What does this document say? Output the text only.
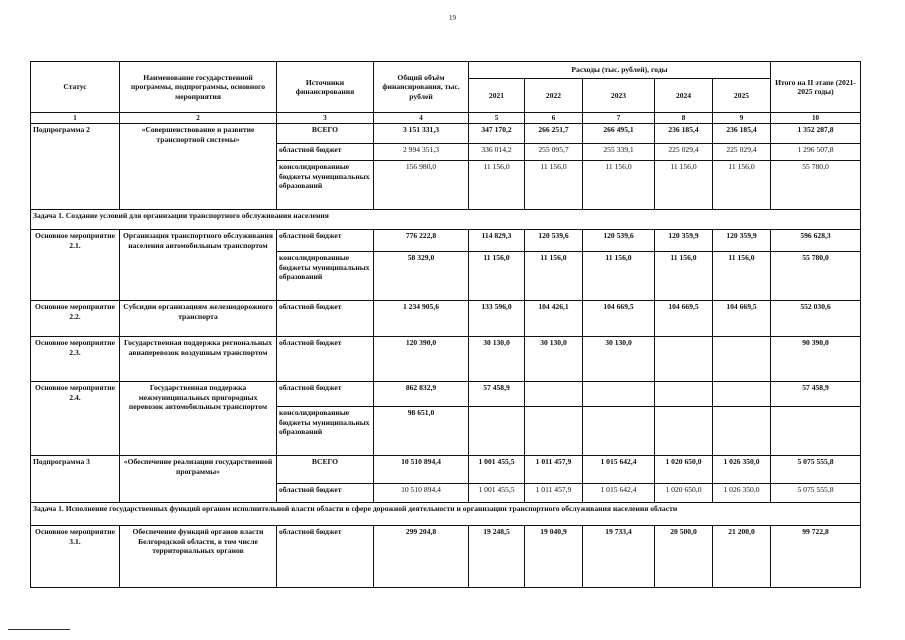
19
Статус	Наименование государственной программы, подпрограммы, основного мероприятия	Источники финансирования	Общий объём финансирования, тыс. рублей	Расходы (тыс. рублей), годы					Итого на II этапе (2021-2025 годы)
				2021	2022	2023	2024	2025	
1	2	3	4	5	6	7	8	9	10
Подпрограмма 2	«Совершенствование и развитие транспортной системы»	ВСЕГО	3 151 331,3	347 170,2	266 251,7	266 495,1	236 185,4	236 185,4	1 352 287,8
		областной бюджет	2 994 351,3	336 014,2	255 095,7	255 339,1	225 029,4	225 029,4	1 296 507,8
		консолидированные бюджеты муниципальных образований	156 980,0	11 156,0	11 156,0	11 156,0	11 156,0	11 156,0	55 780,0
Задача 1. Создание условий для организации транспортного обслуживания населения									
Основное мероприятие 2.1.	Организация транспортного обслуживания населения автомобильным транспортом	областной бюджет	776 222,8	114 829,3	120 539,6	120 539,6	120 359,9	120 359,9	596 628,3
		консолидированные бюджеты муниципальных образований	58 329,0	11 156,0	11 156,0	11 156,0	11 156,0	11 156,0	55 780,0
Основное мероприятие 2.2.	Субсидии организациям железнодорожного транспорта	областной бюджет	1 234 905,6	133 596,0	104 426,1	104 669,5	104 669,5	104 669,5	552 030,6
Основное мероприятие 2.3.	Государственная поддержка региональных авиаперевозок воздушным транспортом	областной бюджет	120 390,0	30 130,0	30 130,0	30 130,0			90 390,0
Основное мероприятие 2.4.	Государственная поддержка межмуниципальных пригородных перевозок автомобильным транспортом	областной бюджет	862 832,9	57 458,9					57 458,9
		консолидированные бюджеты муниципальных образований	98 651,0						
Подпрограмма 3	«Обеспечение реализации государственной программы»	ВСЕГО	10 510 894,4	1 001 455,5	1 011 457,9	1 015 642,4	1 020 650,0	1 026 350,0	5 075 555,8
		областной бюджет	10 510 894,4	1 001 455,5	1 011 457,9	1 015 642,4	1 020 650,0	1 026 350,0	5 075 555,8
Задача 1. Исполнение государственных функций органом исполнительной власти области в сфере дорожной деятельности и организации транспортного обслуживания населения области									
Основное мероприятие 3.1.	Обеспечение функций органов власти Белгородской области, в том числе территориальных органов	областной бюджет	299 204,8	19 248,5	19 040,9	19 733,4	20 500,0	21 200,0	99 722,8
